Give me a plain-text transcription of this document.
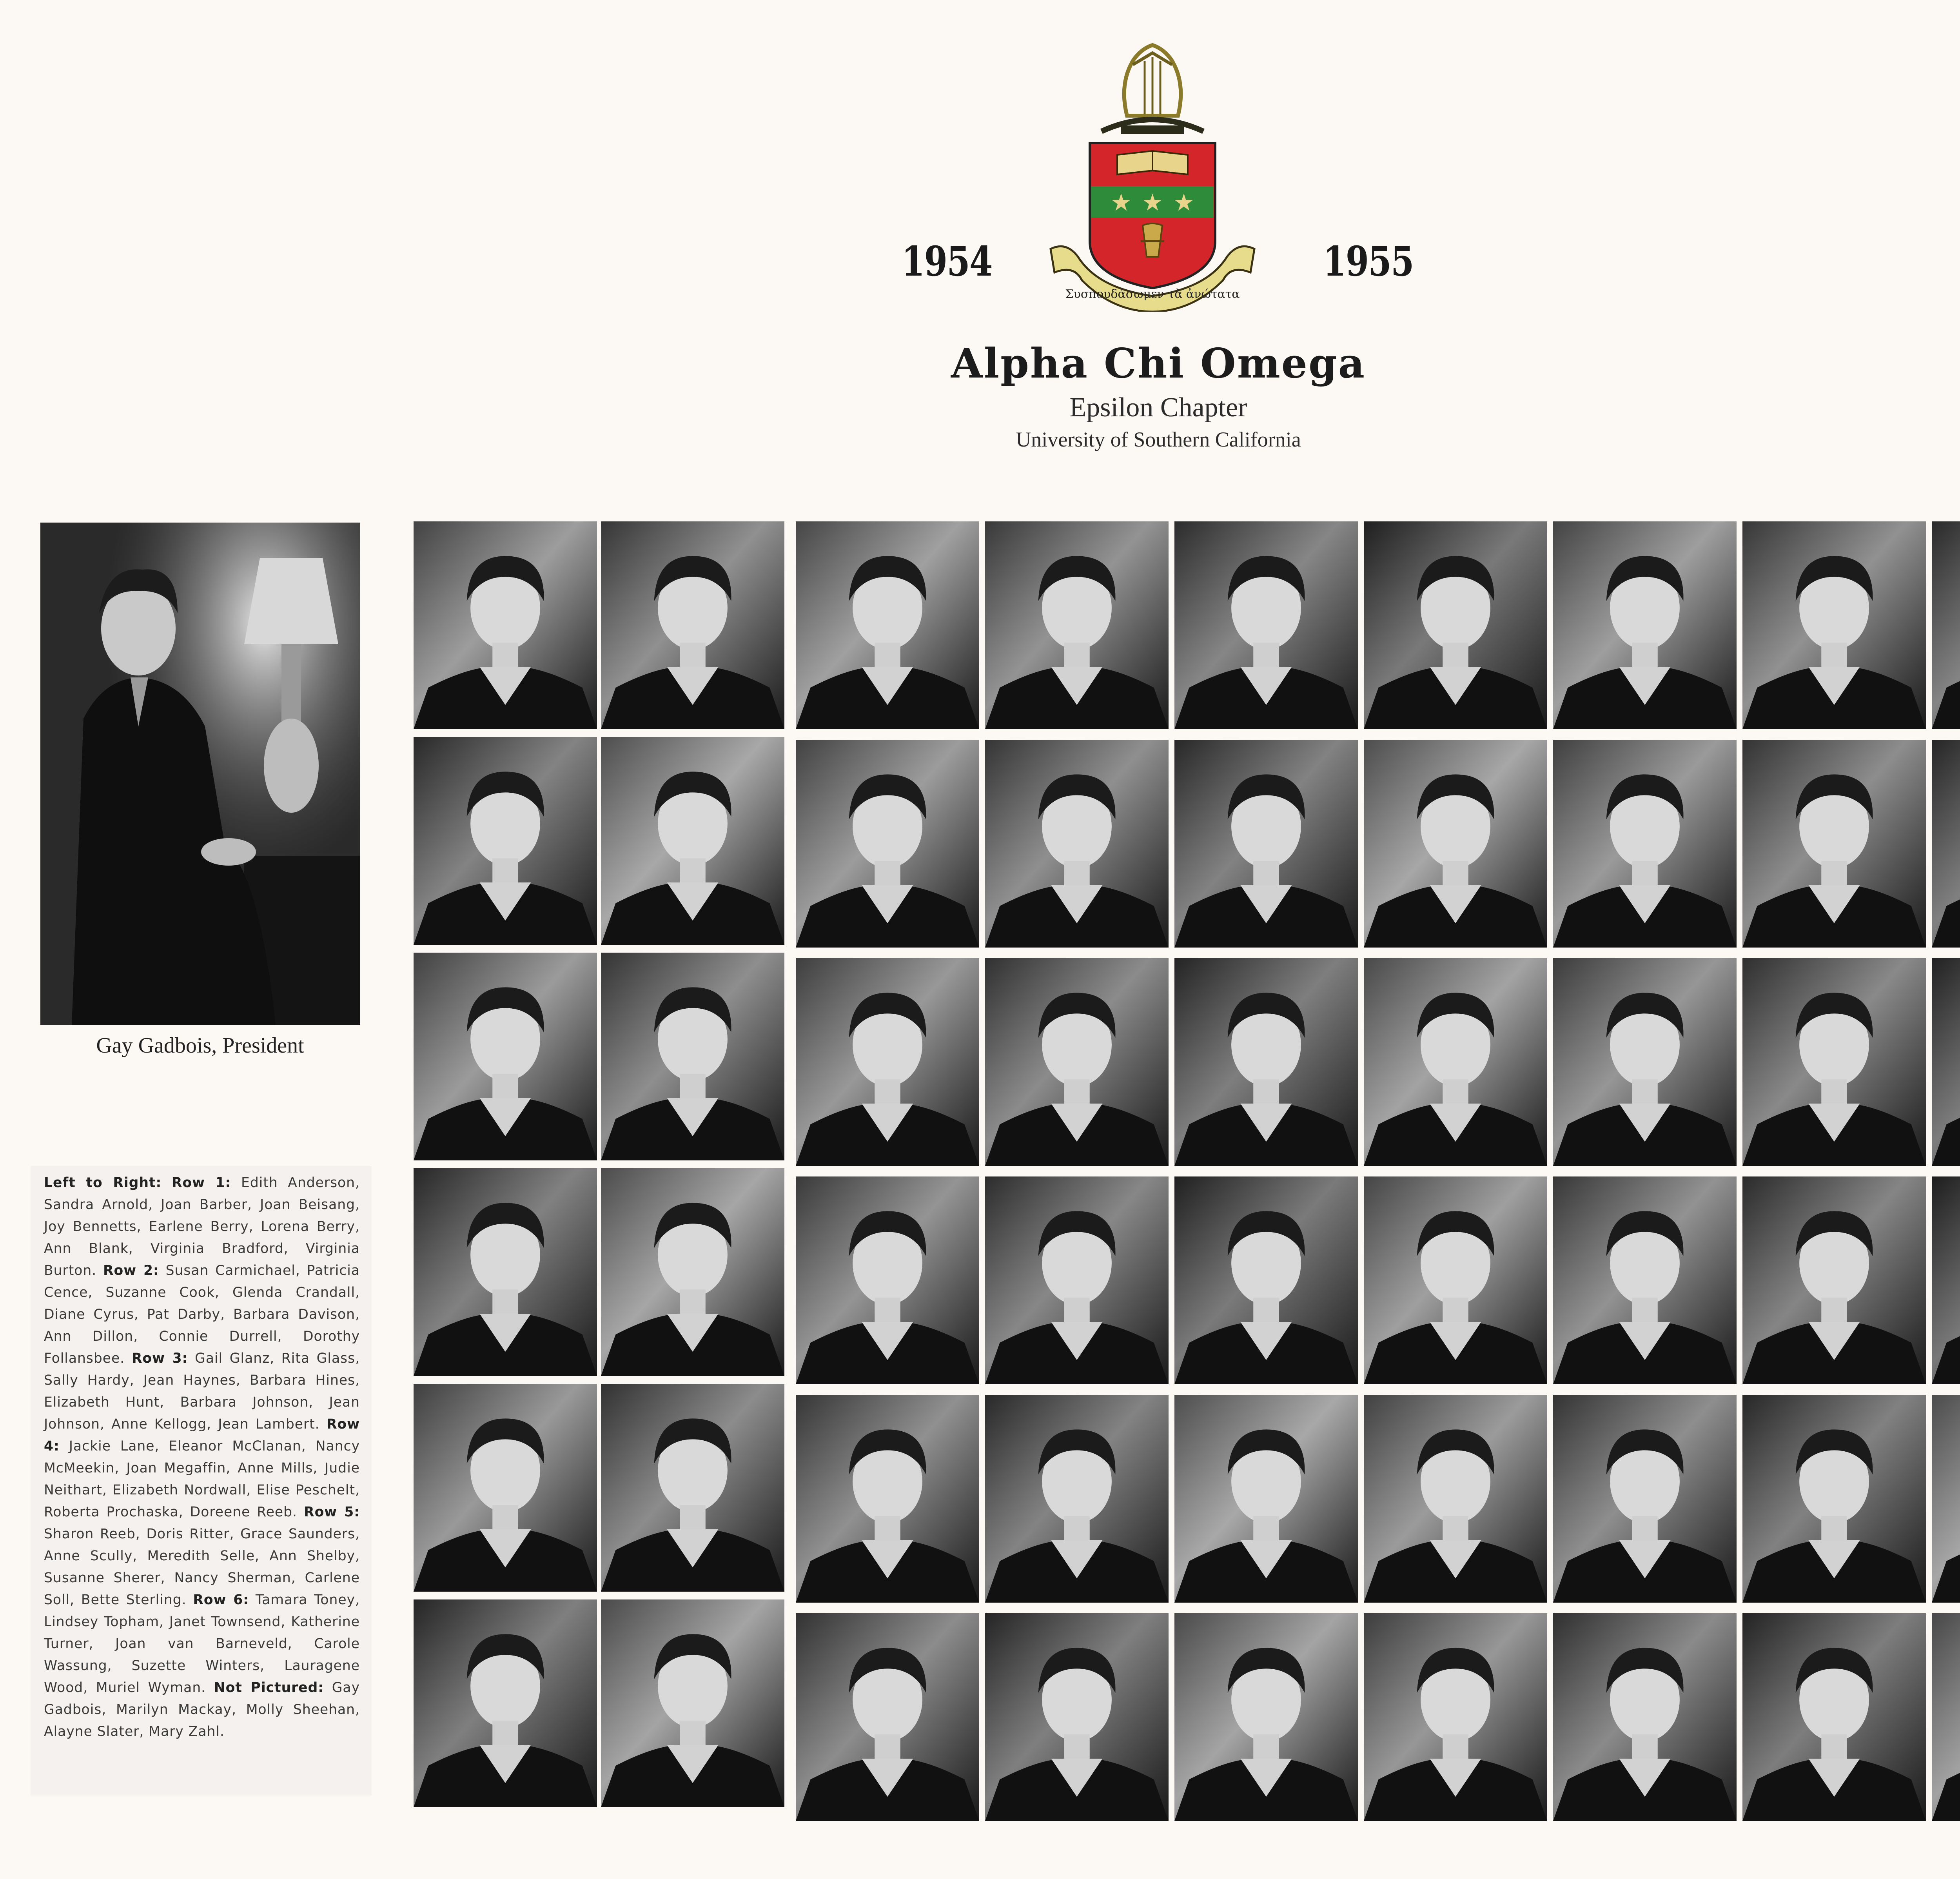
1954	1955
★ ★ ★
Συσπουδάσωμεν τὰ ἀνώτατα
Alpha Chi Omega
Epsilon Chapter
University of Southern California
Gay Gadbois, President
Left to Right: Row 1: Edith Anderson, Sandra Arnold, Joan Barber, Joan Beisang, Joy Bennetts, Earlene Berry, Lorena Berry, Ann Blank, Virginia Bradford, Virginia Burton. Row 2: Susan Carmichael, Patricia Cence, Suzanne Cook, Glenda Crandall, Diane Cyrus, Pat Darby, Barbara Davison, Ann Dillon, Connie Durrell, Dorothy Follansbee. Row 3: Gail Glanz, Rita Glass, Sally Hardy, Jean Haynes, Barbara Hines, Elizabeth Hunt, Barbara Johnson, Jean Johnson, Anne Kellogg, Jean Lambert. Row 4: Jackie Lane, Eleanor McClanan, Nancy McMeekin, Joan Megaffin, Anne Mills, Judie Neithart, Elizabeth Nordwall, Elise Peschelt, Roberta Prochaska, Doreene Reeb. Row 5: Sharon Reeb, Doris Ritter, Grace Saunders, Anne Scully, Meredith Selle, Ann Shelby, Susanne Sherer, Nancy Sherman, Carlene Soll, Bette Sterling. Row 6: Tamara Toney, Lindsey Topham, Janet Townsend, Katherine Turner, Joan van Barneveld, Carole Wassung, Suzette Winters, Lauragene Wood, Muriel Wyman. Not Pictured: Gay Gadbois, Marilyn Mackay, Molly Sheehan, Alayne Slater, Mary Zahl.
